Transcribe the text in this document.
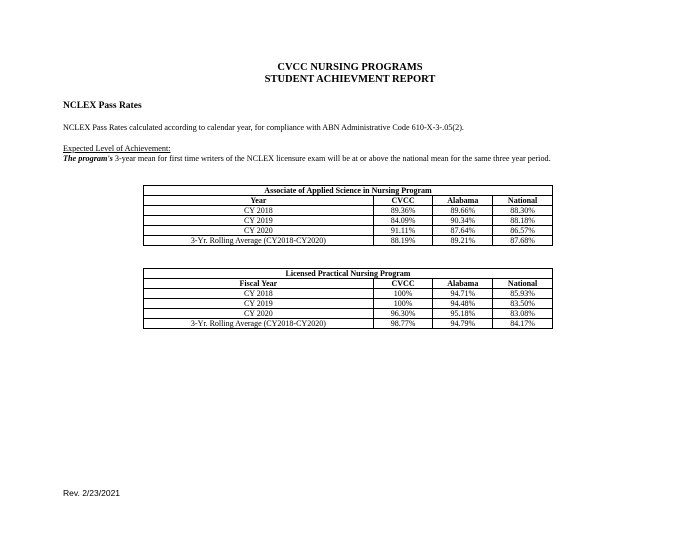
CVCC NURSING PROGRAMS
STUDENT ACHIEVMENT REPORT
NCLEX Pass Rates
NCLEX Pass Rates calculated according to calendar year, for compliance with ABN Administrative Code 610-X-3-.05(2).
Expected Level of Achievement:
The program's 3-year mean for first time writers of the NCLEX licensure exam will be at or above the national mean for the same three year period.
Associate of Applied Science in Nursing Program			
Year	CVCC	Alabama	National
CY 2018	89.36%	89.66%	88.30%
CY 2019	84.09%	90.34%	88.18%
CY 2020	91.11%	87.64%	86.57%
3-Yr. Rolling Average (CY2018-CY2020)	88.19%	89.21%	87.68%
Licensed Practical Nursing Program			
Fiscal Year	CVCC	Alabama	National
CY 2018	100%	94.71%	85.93%
CY 2019	100%	94.48%	83.50%
CY 2020	96.30%	95.18%	83.08%
3-Yr. Rolling Average (CY2018-CY2020)	98.77%	94.79%	84.17%
Rev. 2/23/2021
